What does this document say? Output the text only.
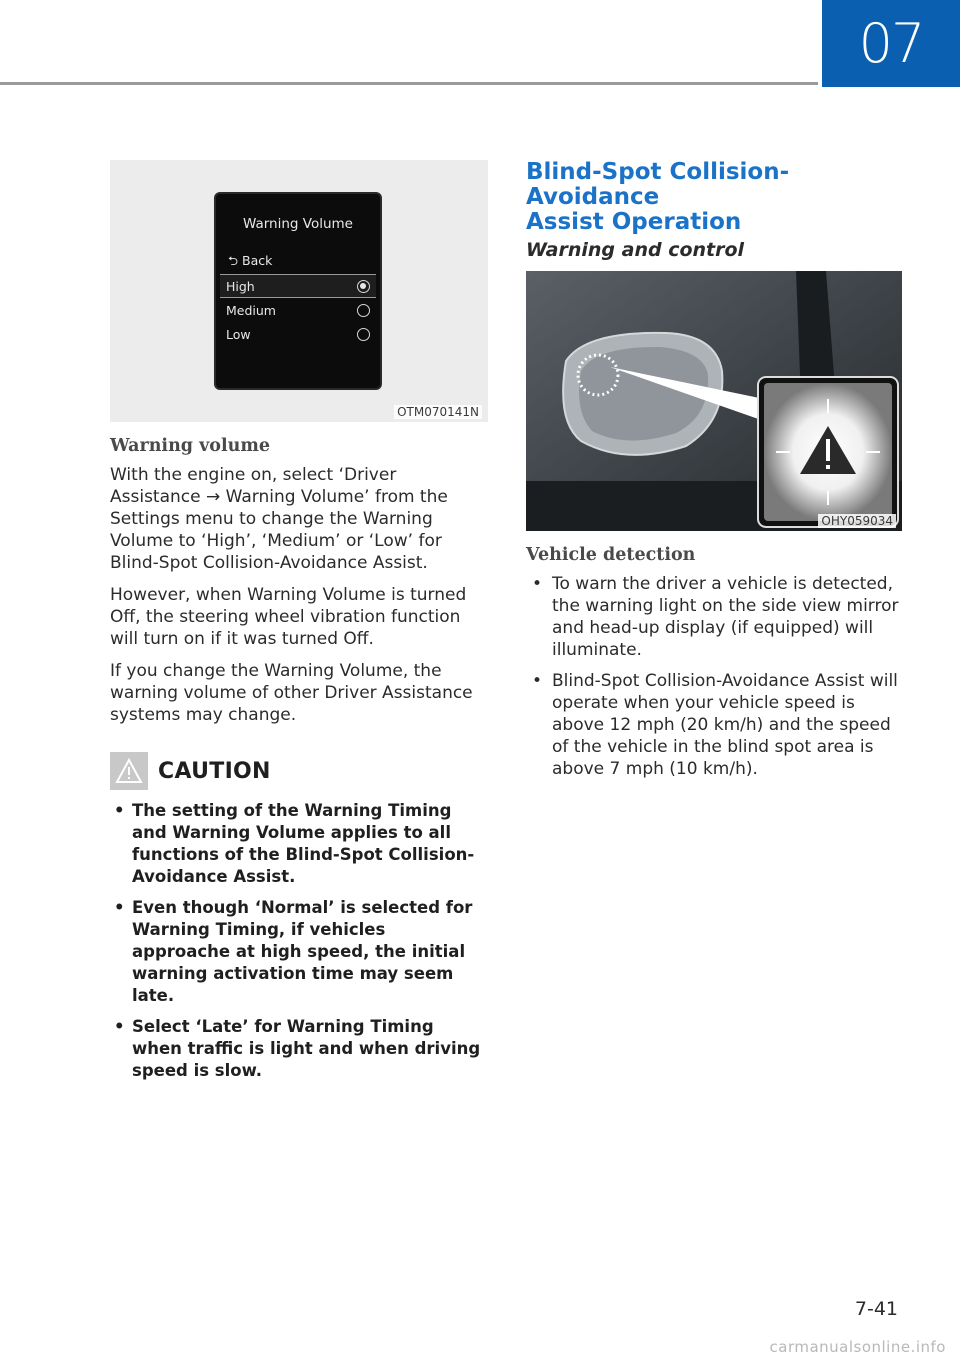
07
Warning Volume
⮌ Back
High
Medium
Low
OTM070141N
Warning volume

With the engine on, select ‘Driver Assistance → Warning Volume’ from the Settings menu to change the Warning Volume to ‘High’, ‘Medium’ or ‘Low’ for Blind-Spot Collision-Avoidance Assist.

However, when Warning Volume is turned Off, the steering wheel vibration function will turn on if it was turned Off.

If you change the Warning Volume, the warning volume of other Driver Assistance systems may change.

CAUTION
• The setting of the Warning Timing and Warning Volume applies to all functions of the Blind-Spot Collision-Avoidance Assist.
• Even though ‘Normal’ is selected for Warning Timing, if vehicles approache at high speed, the initial warning activation time may seem late.
• Select ‘Late’ for Warning Timing when traffic is light and when driving speed is slow.
Blind-Spot Collision-Avoidance
Assist Operation
Warning and control
OHY059034
Vehicle detection
• To warn the driver a vehicle is detected, the warning light on the side view mirror and head-up display (if equipped) will illuminate.
• Blind-Spot Collision-Avoidance Assist will operate when your vehicle speed is above 12 mph (20 km/h) and the speed of the vehicle in the blind spot area is above 7 mph (10 km/h).
7-41
carmanualsonline.info
